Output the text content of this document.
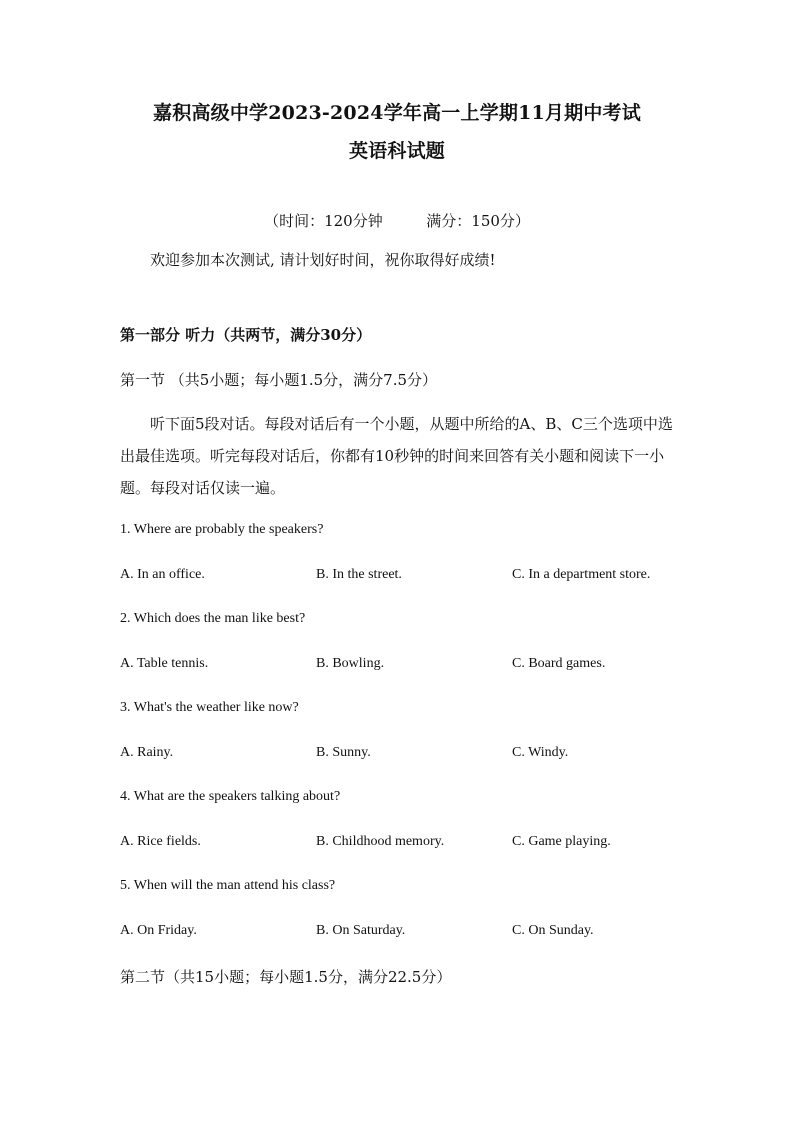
嘉积高级中学2023-2024学年高一上学期11月期中考试
英语科试题
（时间：120分钟	满分：150分）
欢迎参加本次测试, 请计划好时间，祝你取得好成绩!
第一部分 听力（共两节，满分30分）
第一节 （共5小题；每小题1.5分，满分7.5分）
听下面5段对话。每段对话后有一个小题，从题中所给的A、B、C三个选项中选出最佳选项。听完每段对话后，你都有10秒钟的时间来回答有关小题和阅读下一小题。每段对话仅读一遍。
1. Where are probably the speakers?
A. In an office.	B. In the street.	C. In a department store.
2. Which does the man like best?
A. Table tennis.	B. Bowling.	C. Board games.
3. What's the weather like now?
A. Rainy.	B. Sunny.	C. Windy.
4. What are the speakers talking about?
A. Rice fields.	B. Childhood memory.	C. Game playing.
5. When will the man attend his class?
A. On Friday.	B. On Saturday.	C. On Sunday.
第二节（共15小题；每小题1.5分，满分22.5分）
